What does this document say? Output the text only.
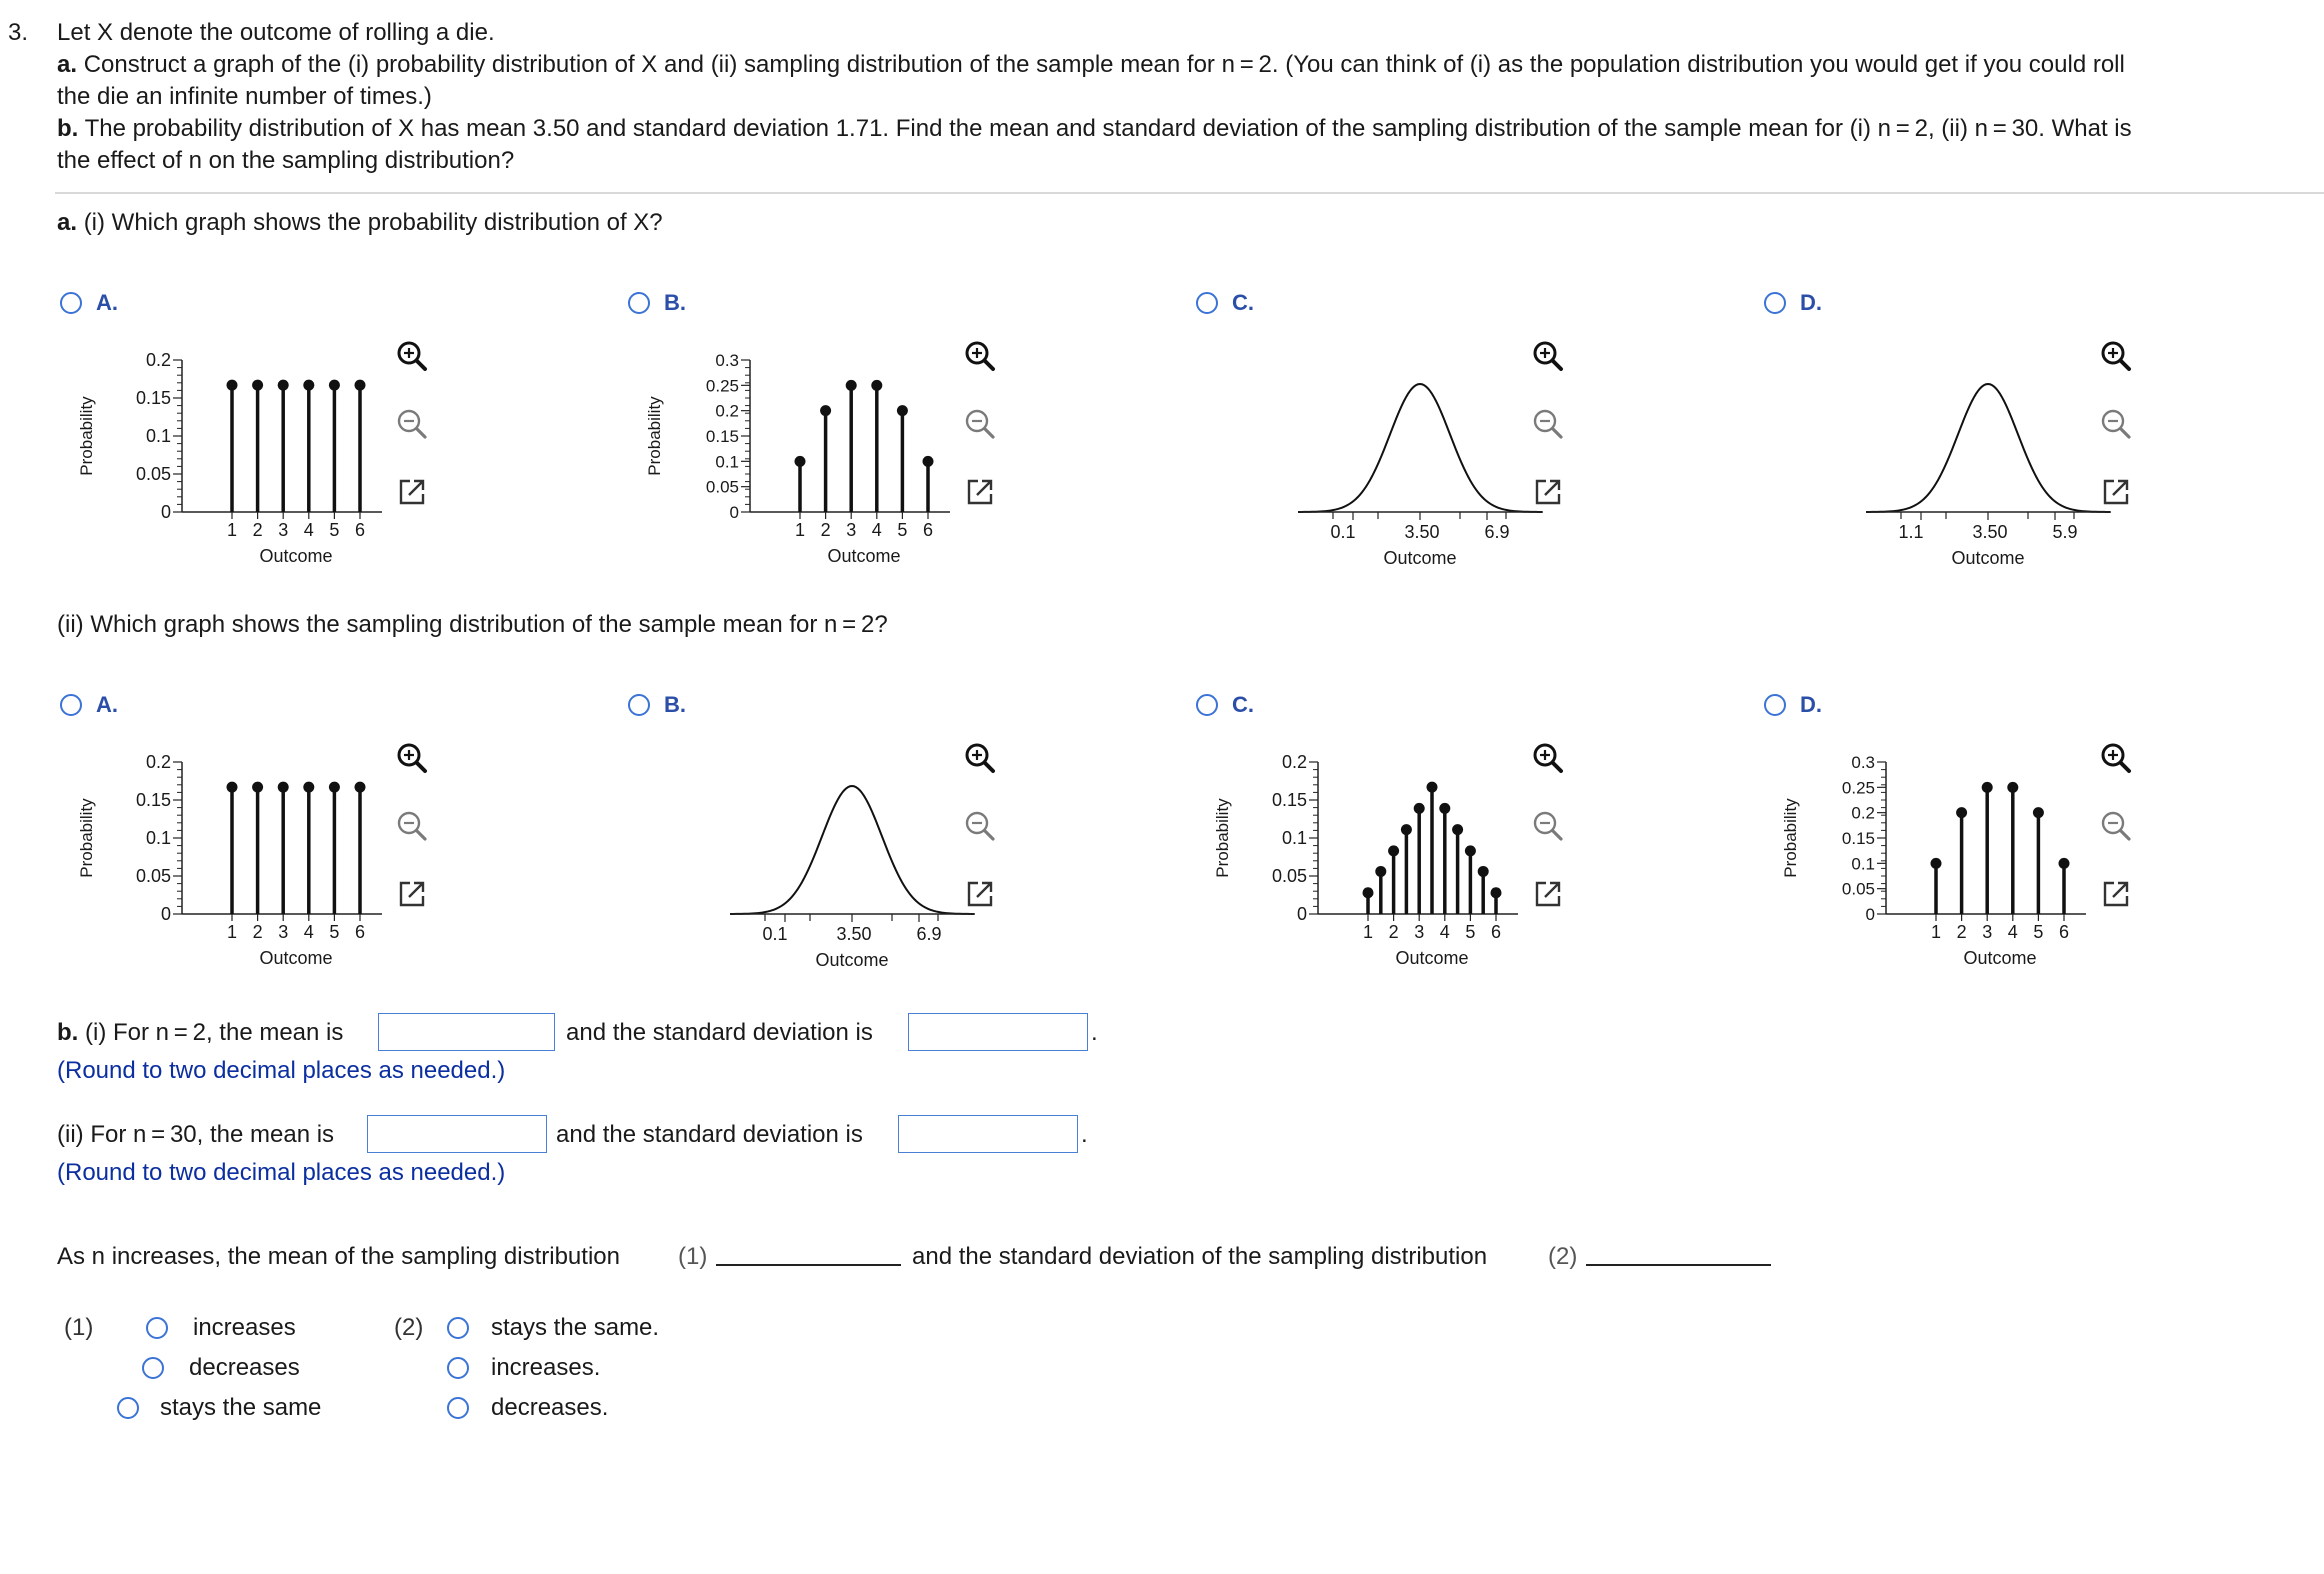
3. Let X denote the outcome of rolling a die.
a. Construct a graph of the (i) probability distribution of X and (ii) sampling distribution of the sample mean for n = 2. (You can think of (i) as the population distribution you would get if you could roll
the die an infinite number of times.)
b. The probability distribution of X has mean 3.50 and standard deviation 1.71. Find the mean and standard deviation of the sampling distribution of the sample mean for (i) n = 2, (ii) n = 30. What is
the effect of n on the sampling distribution?
a. (i) Which graph shows the probability distribution of X?
(ii) Which graph shows the sampling distribution of the sample mean for n = 2?
A.
0.2
0.15
0.1
0.05
0
1 2 3 4 5 6
Probability
Outcome
B.
0.3
0.25
0.2
0.15
0.1
0.05
0
1 2 3 4 5 6
Probability
Outcome
C.
0.1	3.50 6.9
Outcome
D.
1.1	3.50 5.9
Outcome
A.
0.2
0.15
0.1
0.05
0
1 2 3 4 5 6
Probability
Outcome
B.
0.1	3.50 6.9
Outcome
C.
0.2
0.15
0.1
0.05
0
1 2 3 4 5 6
Probability
Outcome
D.
0.3
0.25
0.2
0.15
0.1
0.05
0
1 2 3 4 5 6
Probability
Outcome
b. (i) For n = 2, the mean is	and the standard deviation is	.
(Round to two decimal places as needed.)
(ii) For n = 30, the mean is	and the standard deviation is	.
(Round to two decimal places as needed.)
As n increases, the mean of the sampling distribution (1)	and the standard deviation of the sampling distribution	(2)
(1)	increases
decreases
stays the same
(2)	stays the same.
increases.
decreases.
